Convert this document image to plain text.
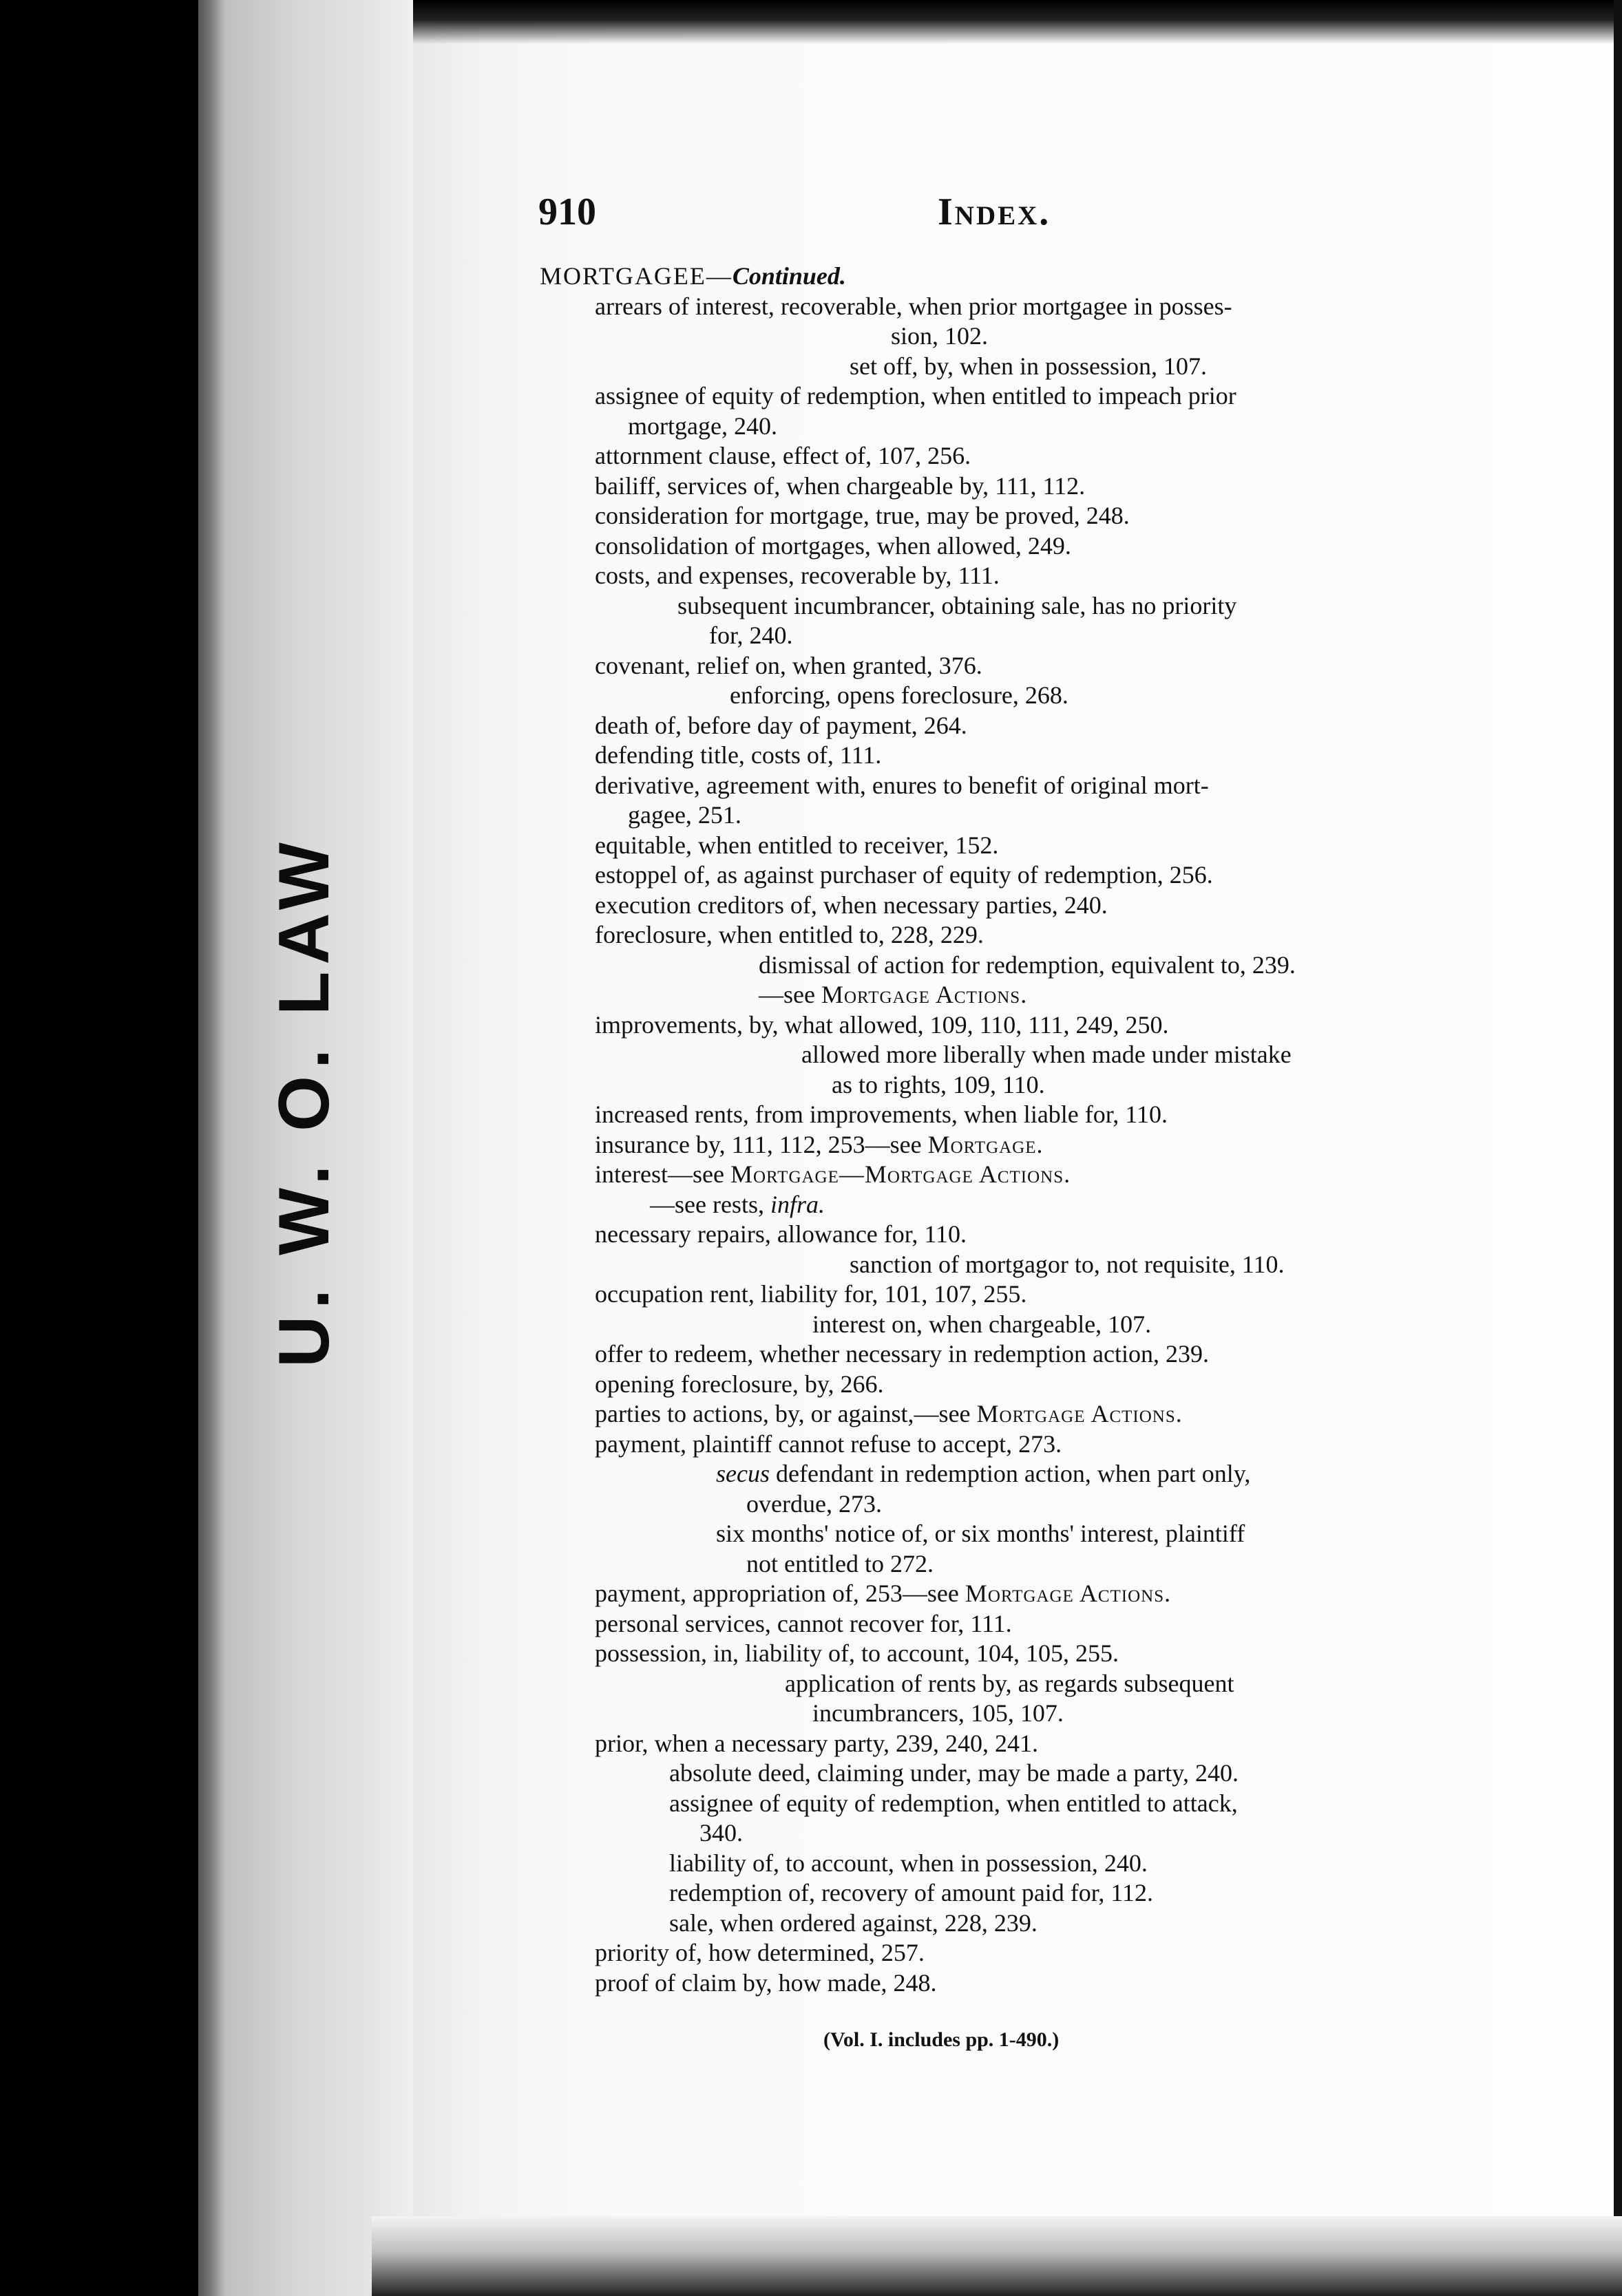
U. W. O. LAW
910	Index.

MORTGAGEE—Continued.

arrears of interest, recoverable, when prior mortgagee in posses-

sion, 102.

set off, by, when in possession, 107.

assignee of equity of redemption, when entitled to impeach prior

mortgage, 240.

attornment clause, effect of, 107, 256.

bailiff, services of, when chargeable by, 111, 112.

consideration for mortgage, true, may be proved, 248.

consolidation of mortgages, when allowed, 249.

costs, and expenses, recoverable by, 111.

subsequent incumbrancer, obtaining sale, has no priority

for, 240.

covenant, relief on, when granted, 376.

enforcing, opens foreclosure, 268.

death of, before day of payment, 264.

defending title, costs of, 111.

derivative, agreement with, enures to benefit of original mort-

gagee, 251.

equitable, when entitled to receiver, 152.

estoppel of, as against purchaser of equity of redemption, 256.

execution creditors of, when necessary parties, 240.

foreclosure, when entitled to, 228, 229.

dismissal of action for redemption, equivalent to, 239.

—see Mortgage Actions.

improvements, by, what allowed, 109, 110, 111, 249, 250.

allowed more liberally when made under mistake

as to rights, 109, 110.

increased rents, from improvements, when liable for, 110.

insurance by, 111, 112, 253—see Mortgage.

interest—see Mortgage—Mortgage Actions.

—see rests, infra.

necessary repairs, allowance for, 110.

sanction of mortgagor to, not requisite, 110.

occupation rent, liability for, 101, 107, 255.

interest on, when chargeable, 107.

offer to redeem, whether necessary in redemption action, 239.

opening foreclosure, by, 266.

parties to actions, by, or against,—see Mortgage Actions.

payment, plaintiff cannot refuse to accept, 273.

secus defendant in redemption action, when part only,

overdue, 273.

six months' notice of, or six months' interest, plaintiff

not entitled to 272.

payment, appropriation of, 253—see Mortgage Actions.

personal services, cannot recover for, 111.

possession, in, liability of, to account, 104, 105, 255.

application of rents by, as regards subsequent

incumbrancers, 105, 107.

prior, when a necessary party, 239, 240, 241.

absolute deed, claiming under, may be made a party, 240.

assignee of equity of redemption, when entitled to attack,

340.

liability of, to account, when in possession, 240.

redemption of, recovery of amount paid for, 112.

sale, when ordered against, 228, 239.

priority of, how determined, 257.

proof of claim by, how made, 248.

(Vol. I. includes pp. 1-490.)
